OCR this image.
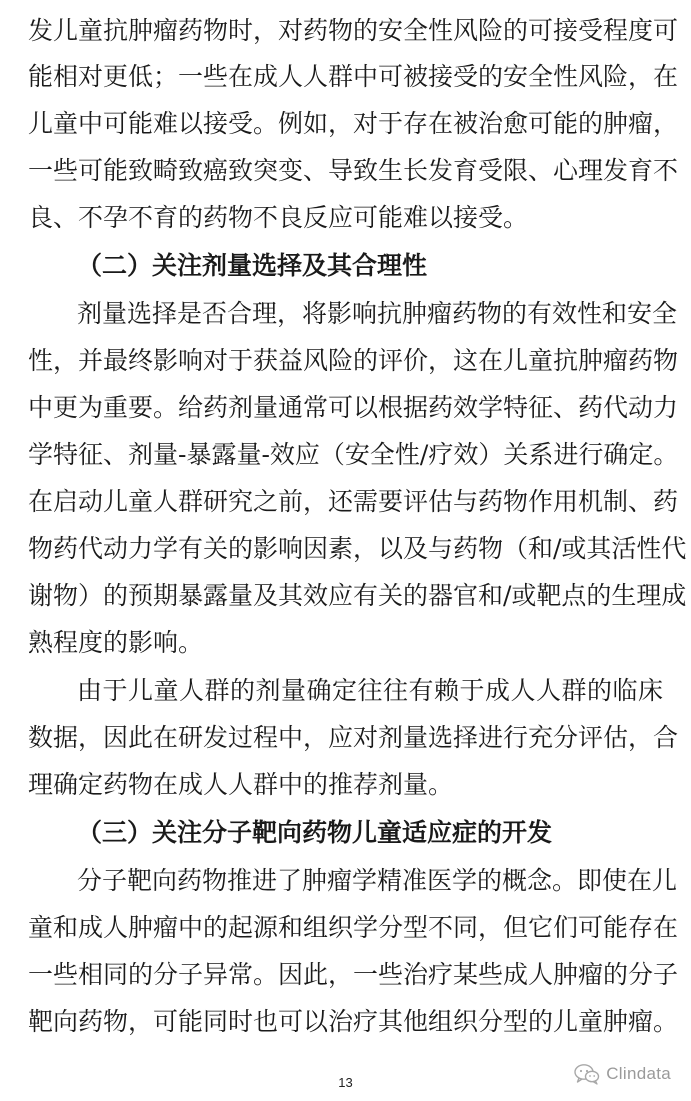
发儿童抗肿瘤药物时，对药物的安全性风险的可接受程度可
能相对更低；一些在成人人群中可被接受的安全性风险，在
儿童中可能难以接受。例如，对于存在被治愈可能的肿瘤，
一些可能致畸致癌致突变、导致生长发育受限、心理发育不
良、不孕不育的药物不良反应可能难以接受。
（二）关注剂量选择及其合理性
剂量选择是否合理，将影响抗肿瘤药物的有效性和安全
性，并最终影响对于获益风险的评价，这在儿童抗肿瘤药物
中更为重要。给药剂量通常可以根据药效学特征、药代动力
学特征、剂量-暴露量-效应（安全性/疗效）关系进行确定。
在启动儿童人群研究之前，还需要评估与药物作用机制、药
物药代动力学有关的影响因素，以及与药物（和/或其活性代
谢物）的预期暴露量及其效应有关的器官和/或靶点的生理成
熟程度的影响。
由于儿童人群的剂量确定往往有赖于成人人群的临床
数据，因此在研发过程中，应对剂量选择进行充分评估，合
理确定药物在成人人群中的推荐剂量。
（三）关注分子靶向药物儿童适应症的开发
分子靶向药物推进了肿瘤学精准医学的概念。即使在儿
童和成人肿瘤中的起源和组织学分型不同，但它们可能存在
一些相同的分子异常。因此，一些治疗某些成人肿瘤的分子
靶向药物，可能同时也可以治疗其他组织分型的儿童肿瘤。
13	Clindata
